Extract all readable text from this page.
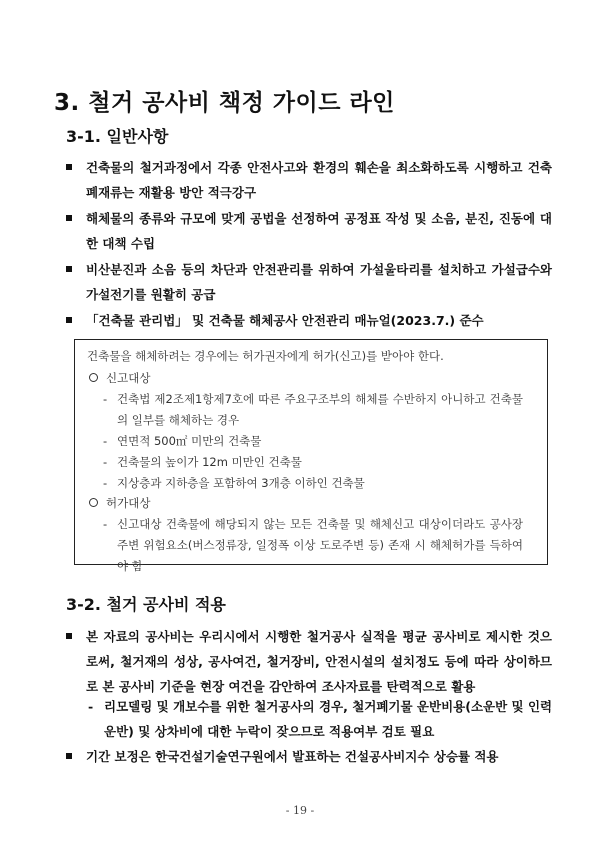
3. 철거 공사비 책정 가이드 라인
3-1. 일반사항
건축물의 철거과정에서 각종 안전사고와 환경의 훼손을 최소화하도록 시행하고 건축 폐재류는 재활용 방안 적극강구
해체물의 종류와 규모에 맞게 공법을 선정하여 공정표 작성 및 소음, 분진, 진동에 대한 대책 수립
비산분진과 소음 등의 차단과 안전관리를 위하여 가설울타리를 설치하고 가설급수와 가설전기를 원활히 공급
「건축물 관리법」 및 건축물 해체공사 안전관리 매뉴얼(2023.7.) 준수
건축물을 해체하려는 경우에는 허가권자에게 허가(신고)를 받아야 한다.
신고대상
- 건축법 제2조제1항제7호에 따른 주요구조부의 해체를 수반하지 아니하고 건축물의 일부를 해체하는 경우
- 연면적 500㎡ 미만의 건축물
- 건축물의 높이가 12m 미만인 건축물
- 지상층과 지하층을 포함하여 3개층 이하인 건축물
허가대상
- 신고대상 건축물에 해당되지 않는 모든 건축물 및 해체신고 대상이더라도 공사장 주변 위험요소(버스정류장, 일정폭 이상 도로주변 등) 존재 시 해체허가를 득하여야 함
3-2. 철거 공사비 적용
본 자료의 공사비는 우리시에서 시행한 철거공사 실적을 평균 공사비로 제시한 것으로써, 철거재의 성상, 공사여건, 철거장비, 안전시설의 설치정도 등에 따라 상이하므로 본 공사비 기준을 현장 여건을 감안하여 조사자료를 탄력적으로 활용
- 리모델링 및 개보수를 위한 철거공사의 경우, 철거폐기물 운반비용(소운반 및 인력운반) 및 상차비에 대한 누락이 잦으므로 적용여부 검토 필요
기간 보정은 한국건설기술연구원에서 발표하는 건설공사비지수 상승률 적용
- 19 -
